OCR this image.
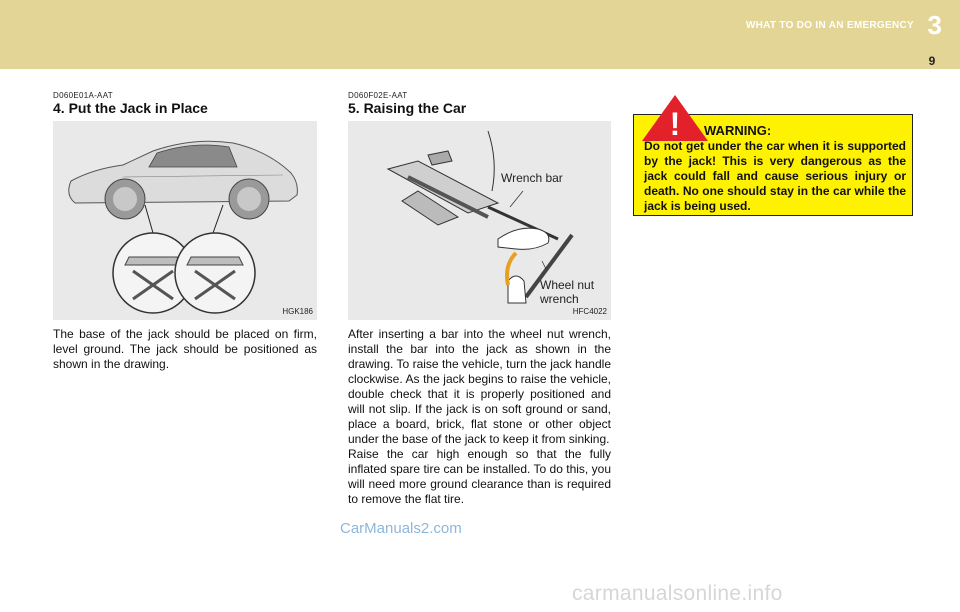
WHAT TO DO IN AN EMERGENCY 3
9
D060E01A-AAT
4. Put the Jack in Place
HGK186
The base of the jack should be placed on firm, level ground. The jack should be positioned as shown in the drawing.
D060F02E-AAT
5. Raising the Car
Wrench bar
Wheel nut
wrench
HFC4022

After inserting a bar into the wheel nut wrench, install the bar into the jack as shown in the drawing. To raise the vehicle, turn the jack handle clockwise. As the jack begins to raise the vehicle, double check that it is properly positioned and will not slip. If the jack is on soft ground or sand, place a board, brick, flat stone or other object under the base of the jack to keep it from sinking.

Raise the car high enough so that the fully inflated spare tire can be installed. To do this, you will need more ground clearance than is required to remove the flat tire.

! WARNING:
Do not get under the car when it is supported by the jack! This is very dangerous as the jack could fall and cause serious injury or death. No one should stay in the car while the jack is being used.
CarManuals2.com
carmanualsonline.info
